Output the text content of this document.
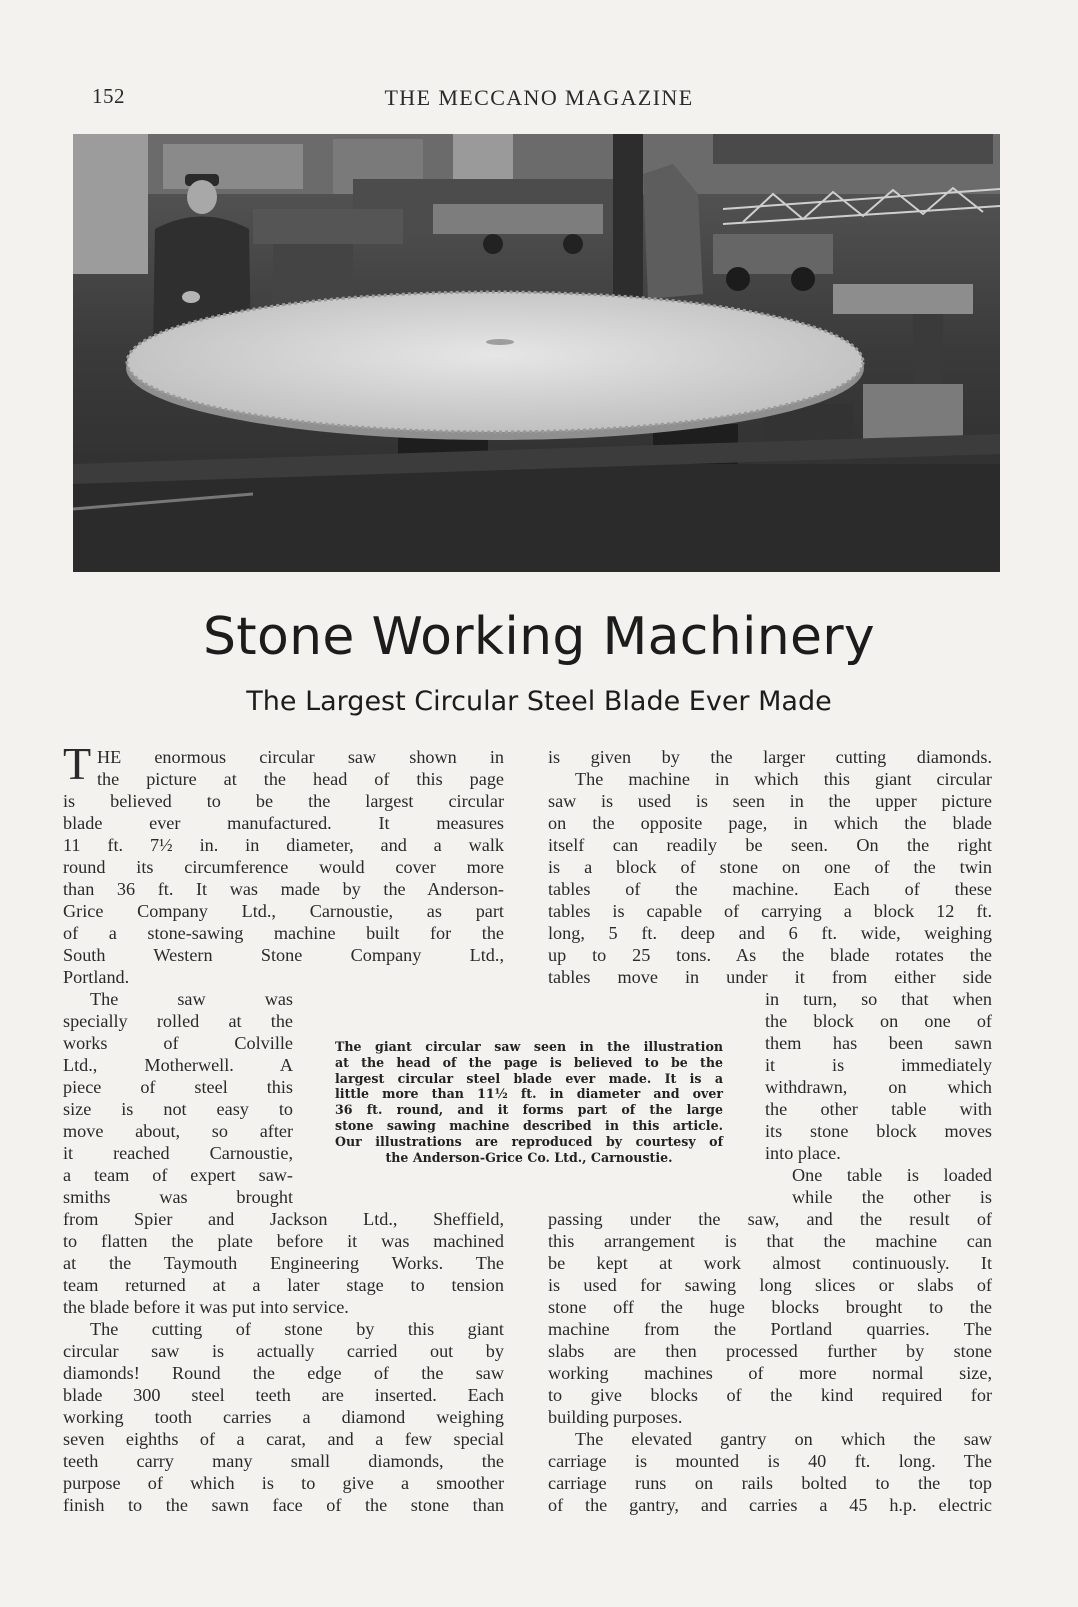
152	THE MECCANO MAGAZINE
Stone Working Machinery
The Largest Circular Steel Blade Ever Made
T HE enormous circular saw shown in
the picture at the head of this page
is believed to be the largest circular
blade ever manufactured. It measures
11 ft. 7½ in. in diameter, and a walk
round its circumference would cover more
than 36 ft. It was made by the Anderson-
Grice Company Ltd., Carnoustie, as part
of a stone-sawing machine built for the
South Western Stone Company Ltd.,
Portland.
The saw was
specially rolled at the
works of Colville
Ltd., Motherwell. A
piece of steel this
size is not easy to
move about, so after
it reached Carnoustie,
a team of expert saw-
smiths was brought
from Spier and Jackson Ltd., Sheffield,
to flatten the plate before it was machined
at the Taymouth Engineering Works. The
team returned at a later stage to tension
the blade before it was put into service.
The cutting of stone by this giant
circular saw is actually carried out by
diamonds! Round the edge of the saw
blade 300 steel teeth are inserted. Each
working tooth carries a diamond weighing
seven eighths of a carat, and a few special
teeth carry many small diamonds, the
purpose of which is to give a smoother
finish to the sawn face of the stone than
is given by the larger cutting diamonds.
The machine in which this giant circular
saw is used is seen in the upper picture
on the opposite page, in which the blade
itself can readily be seen. On the right
is a block of stone on one of the twin
tables of the machine. Each of these
tables is capable of carrying a block 12 ft.
long, 5 ft. deep and 6 ft. wide, weighing
up to 25 tons. As the blade rotates the
tables move in under it from either side
in turn, so that when
the block on one of
them has been sawn
it is immediately
withdrawn, on which
the other table with
its stone block moves
into place.
One table is loaded
while the other is
passing under the saw, and the result of
this arrangement is that the machine can
be kept at work almost continuously. It
is used for sawing long slices or slabs of
stone off the huge blocks brought to the
machine from the Portland quarries. The
slabs are then processed further by stone
working machines of more normal size,
to give blocks of the kind required for
building purposes.
The elevated gantry on which the saw
carriage is mounted is 40 ft. long. The
carriage runs on rails bolted to the top
of the gantry, and carries a 45 h.p. electric
The giant circular saw seen in the illustration
at the head of the page is believed to be the
largest circular steel blade ever made. It is a
little more than 11½ ft. in diameter and over
36 ft. round, and it forms part of the large
stone sawing machine described in this article.
Our illustrations are reproduced by courtesy of
the Anderson-Grice Co. Ltd., Carnoustie.
